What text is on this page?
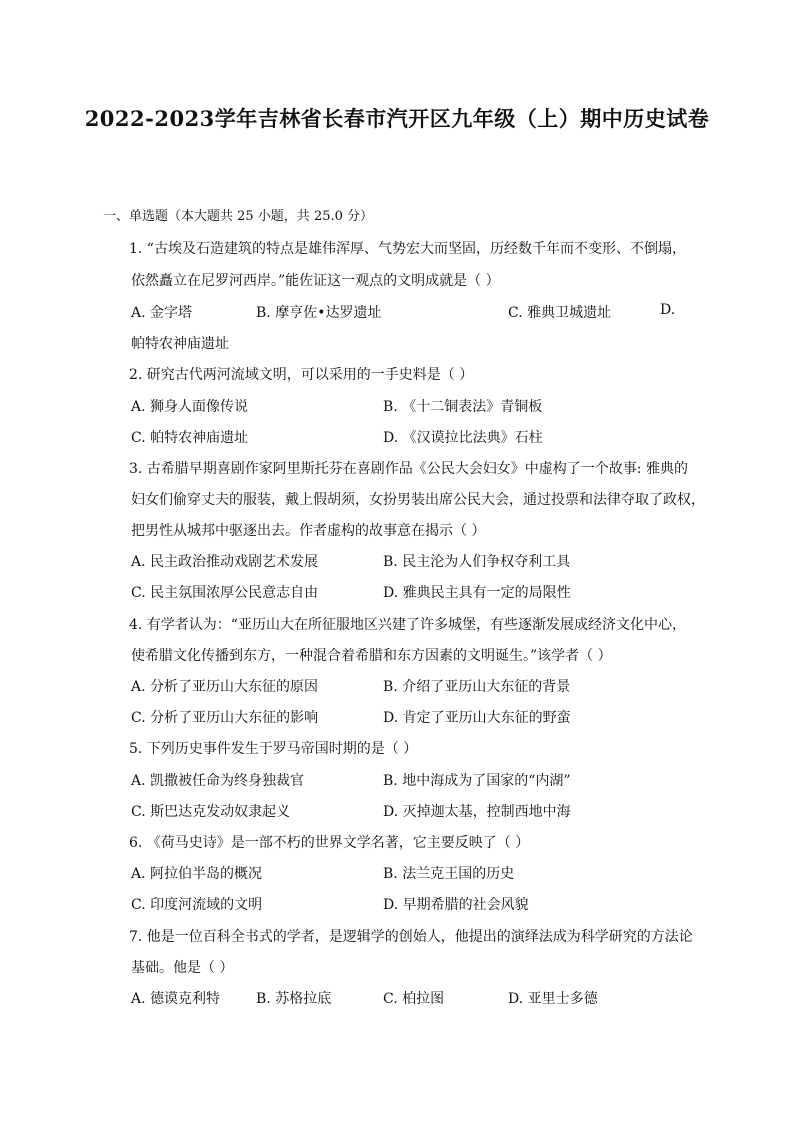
2022-2023学年吉林省长春市汽开区九年级（上）期中历史试卷
一、单选题（本大题共 25 小题，共 25.0 分）
1. “古埃及石造建筑的特点是雄伟浑厚、气势宏大而坚固，历经数千年而不变形、不倒塌，
依然矗立在尼罗河西岸。”能佐证这一观点的文明成就是（ ）
A. 金字塔	B. 摩亨佐•达罗遗址	C. 雅典卫城遗址	D.
帕特农神庙遗址
2. 研究古代两河流域文明，可以采用的一手史料是（ ）
A. 狮身人面像传说	B. 《十二铜表法》青铜板
C. 帕特农神庙遗址	D. 《汉谟拉比法典》石柱
3. 古希腊早期喜剧作家阿里斯托芬在喜剧作品《公民大会妇女》中虚构了一个故事: 雅典的
妇女们偷穿丈夫的服装，戴上假胡须，女扮男装出席公民大会，通过投票和法律夺取了政权，
把男性从城邦中驱逐出去。作者虚构的故事意在揭示（ ）
A. 民主政治推动戏剧艺术发展	B. 民主沦为人们争权夺利工具
C. 民主氛围浓厚公民意志自由	D. 雅典民主具有一定的局限性
4. 有学者认为：“亚历山大在所征服地区兴建了许多城堡，有些逐渐发展成经济文化中心，
使希腊文化传播到东方，一种混合着希腊和东方因素的文明诞生。”该学者（ ）
A. 分析了亚历山大东征的原因	B. 介绍了亚历山大东征的背景
C. 分析了亚历山大东征的影响	D. 肯定了亚历山大东征的野蛮
5. 下列历史事件发生于罗马帝国时期的是（ ）
A. 凯撒被任命为终身独裁官	B. 地中海成为了国家的“内湖”
C. 斯巴达克发动奴隶起义	D. 灭掉迦太基，控制西地中海
6. 《荷马史诗》是一部不朽的世界文学名著，它主要反映了（ ）
A. 阿拉伯半岛的概况	B. 法兰克王国的历史
C. 印度河流域的文明	D. 早期希腊的社会风貌
7. 他是一位百科全书式的学者，是逻辑学的创始人，他提出的演绎法成为科学研究的方法论
基础。他是（ ）
A. 德谟克利特	B. 苏格拉底	C. 柏拉图	D. 亚里士多德
